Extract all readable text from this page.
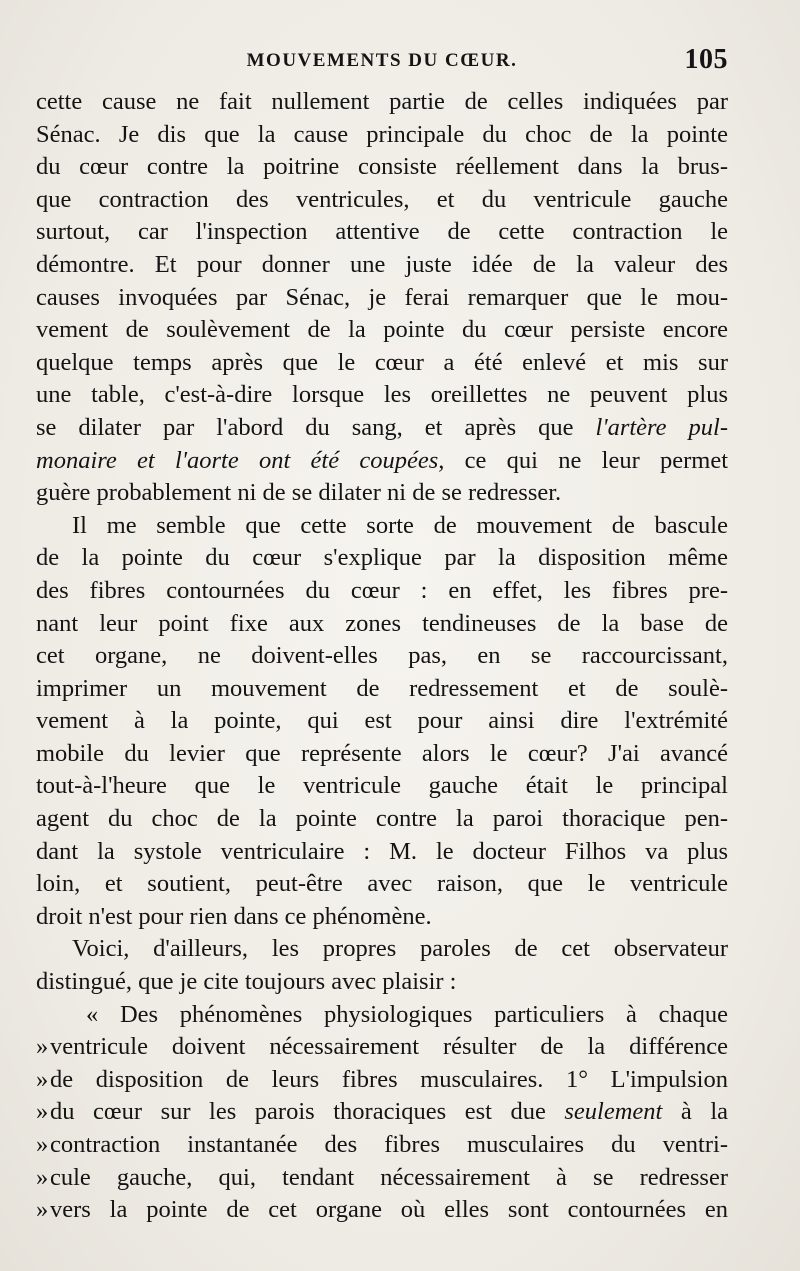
MOUVEMENTS DU CŒUR.	105
cette cause ne fait nullement partie de celles indiquées par
Sénac. Je dis que la cause principale du choc de la pointe
du cœur contre la poitrine consiste réellement dans la brus-
que contraction des ventricules, et du ventricule gauche
surtout, car l'inspection attentive de cette contraction le
démontre. Et pour donner une juste idée de la valeur des
causes invoquées par Sénac, je ferai remarquer que le mou-
vement de soulèvement de la pointe du cœur persiste encore
quelque temps après que le cœur a été enlevé et mis sur
une table, c'est-à-dire lorsque les oreillettes ne peuvent plus
se dilater par l'abord du sang, et après que l'artère pul-
monaire et l'aorte ont été coupées, ce qui ne leur permet
guère probablement ni de se dilater ni de se redresser.
Il me semble que cette sorte de mouvement de bascule
de la pointe du cœur s'explique par la disposition même
des fibres contournées du cœur : en effet, les fibres pre-
nant leur point fixe aux zones tendineuses de la base de
cet organe, ne doivent-elles pas, en se raccourcissant,
imprimer un mouvement de redressement et de soulè-
vement à la pointe, qui est pour ainsi dire l'extrémité
mobile du levier que représente alors le cœur? J'ai avancé
tout-à-l'heure que le ventricule gauche était le principal
agent du choc de la pointe contre la paroi thoracique pen-
dant la systole ventriculaire : M. le docteur Filhos va plus
loin, et soutient, peut-être avec raison, que le ventricule
droit n'est pour rien dans ce phénomène.
Voici, d'ailleurs, les propres paroles de cet observateur
distingué, que je cite toujours avec plaisir :
« Des phénomènes physiologiques particuliers à chaque
»ventricule doivent nécessairement résulter de la différence
»de disposition de leurs fibres musculaires. 1° L'impulsion
»du cœur sur les parois thoraciques est due seulement à la
»contraction instantanée des fibres musculaires du ventri-
»cule gauche, qui, tendant nécessairement à se redresser
»vers la pointe de cet organe où elles sont contournées en
